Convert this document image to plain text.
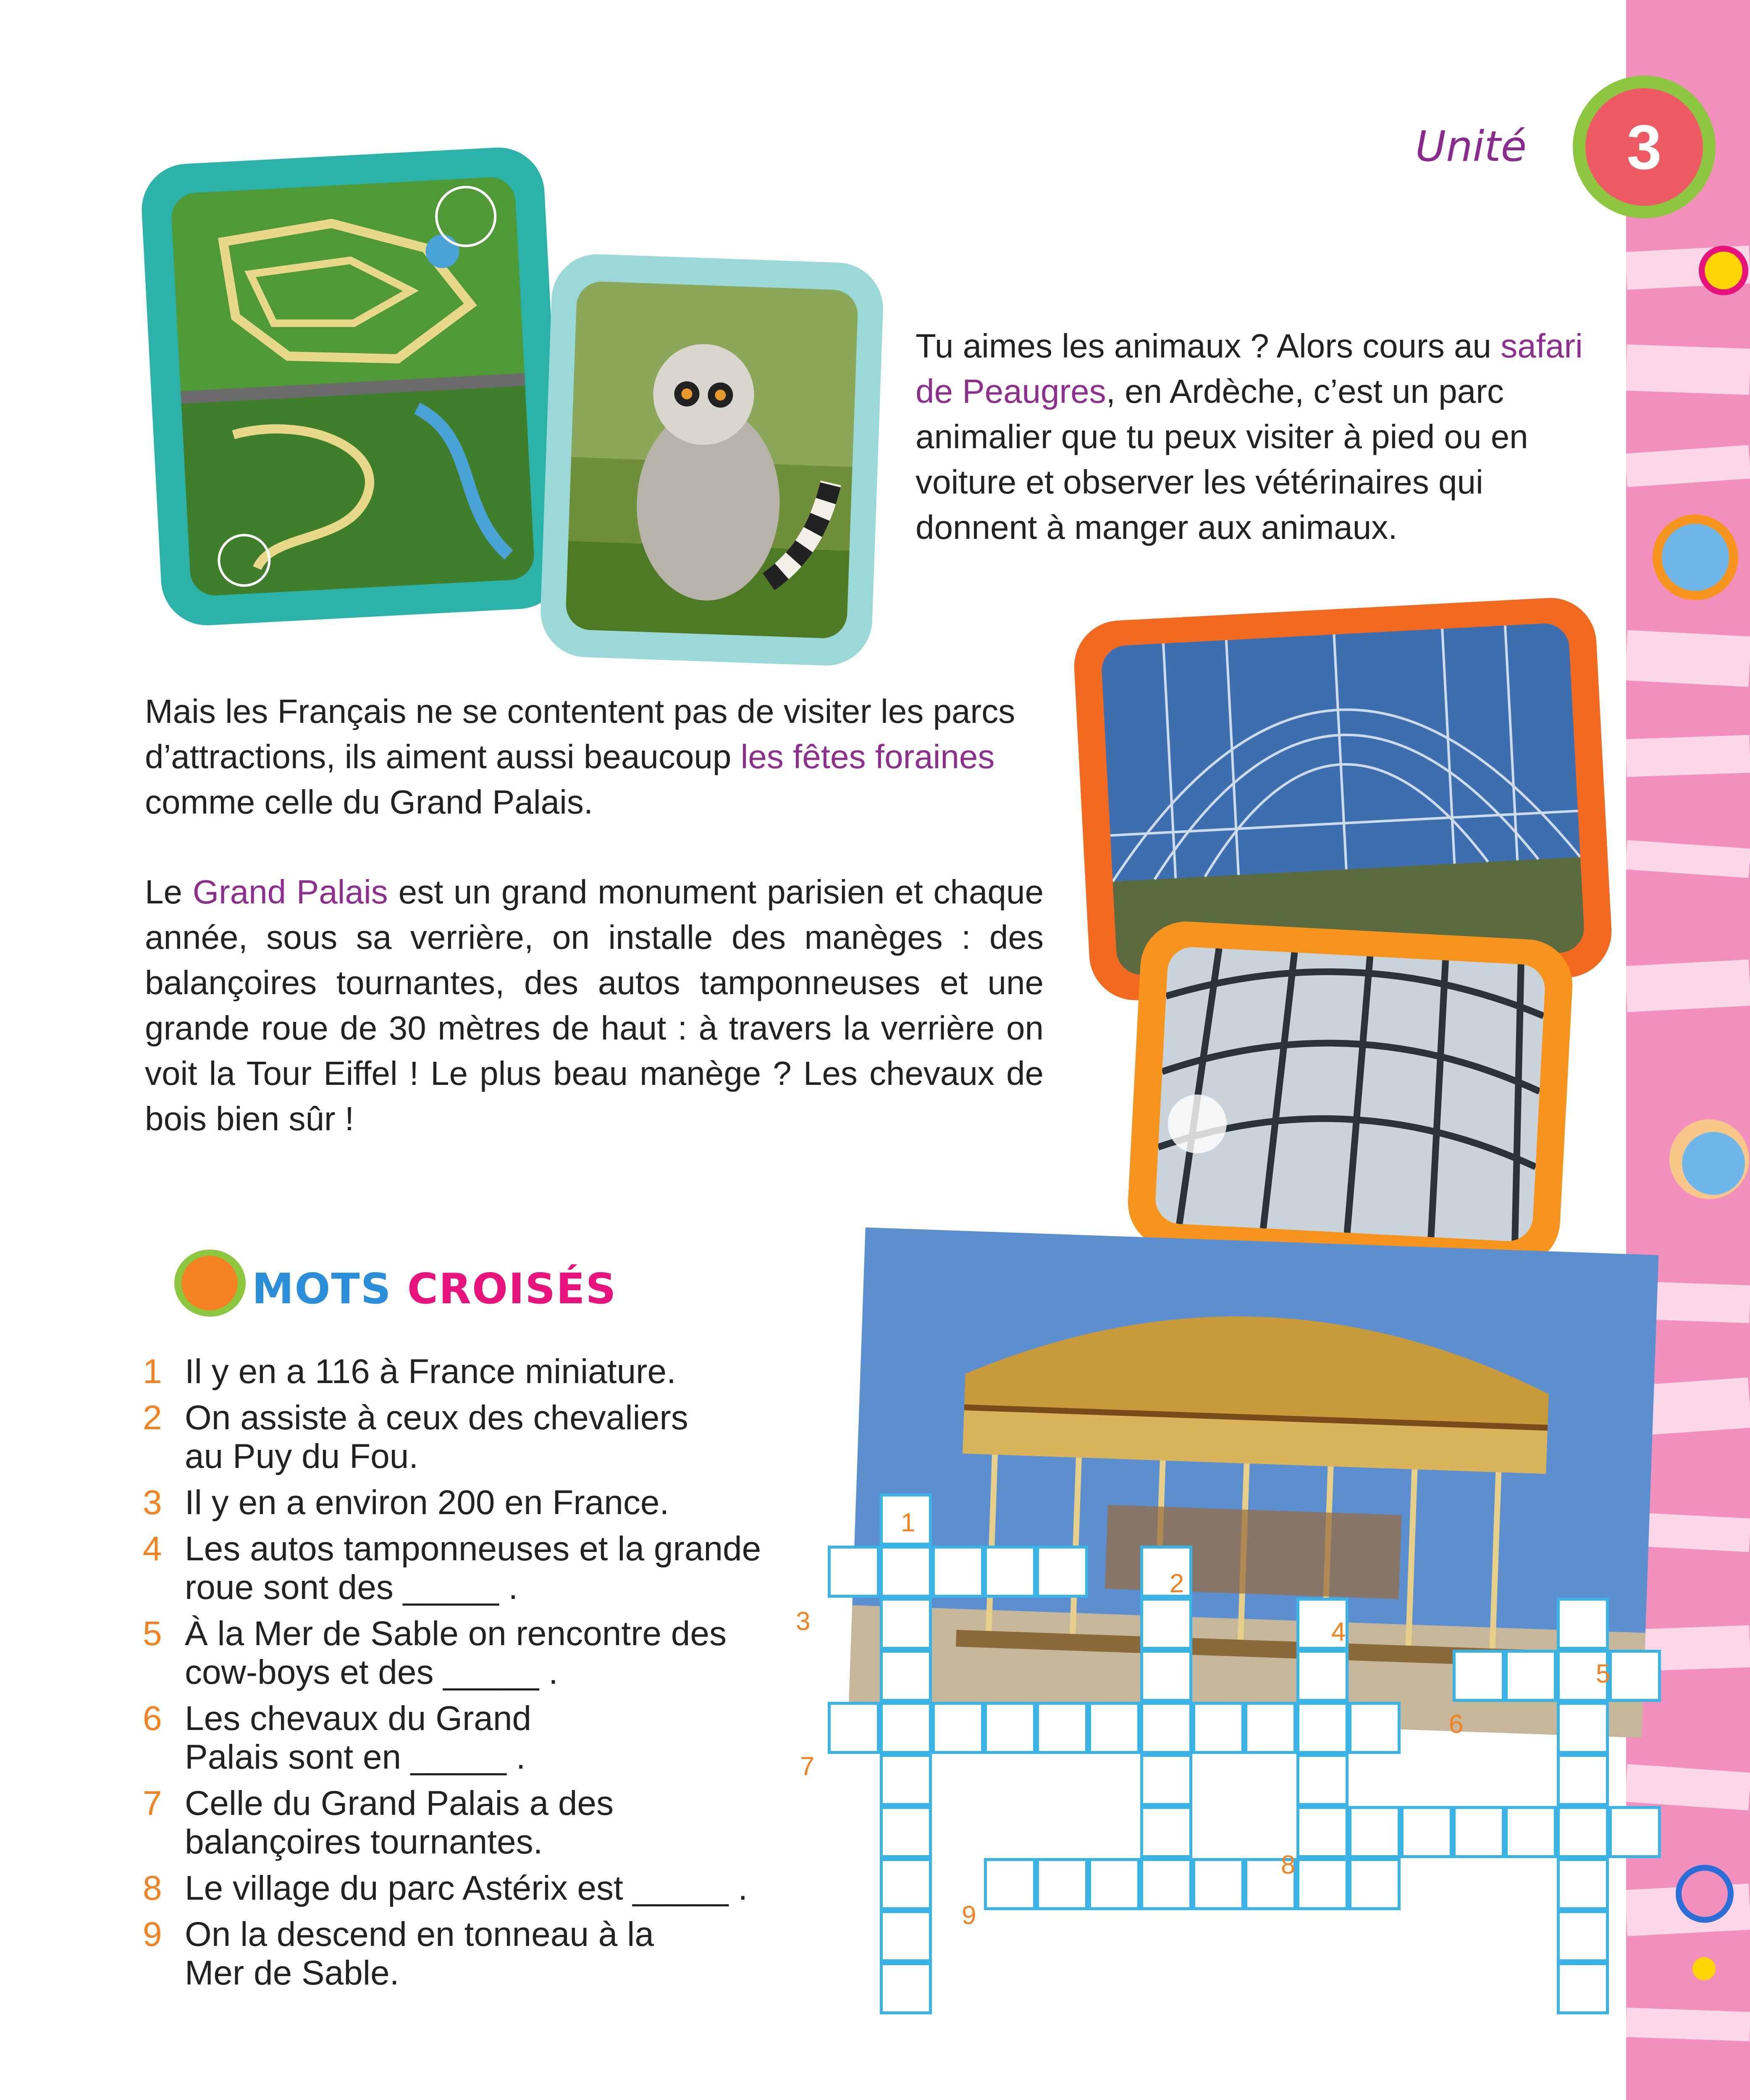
Unité	3
Tu aimes les animaux ? Alors cours au safari de Peaugres, en Ardèche, c’est un parc animalier que tu peux visiter à pied ou en voiture et observer les vétérinaires qui donnent à manger aux animaux.
Mais les Français ne se contentent pas de visiter les parcs d’attractions, ils aiment aussi beaucoup les fêtes foraines comme celle du Grand Palais.
Le Grand Palais est un grand monument parisien et chaque année, sous sa verrière, on installe des manèges : des balançoires tournantes, des autos tamponneuses et une grande roue de 30 mètres de haut : à travers la verrière on voit la Tour Eiffel ! Le plus beau manège ? Les chevaux de bois bien sûr !
MOTS CROISÉS
1 Il y en a 116 à France miniature.
2 On assiste à ceux des chevaliers au Puy du Fou.
3 Il y en a environ 200 en France.
4 Les autos tamponneuses et la grande roue sont des _____ .
5 À la Mer de Sable on rencontre des cow-boys et des _____ .
6 Les chevaux du Grand Palais sont en _____ .
7 Celle du Grand Palais a des balançoires tournantes.
8 Le village du parc Astérix est _____ .
9 On la descend en tonneau à la Mer de Sable.
1
2
3	4
5
6
7
8
9
